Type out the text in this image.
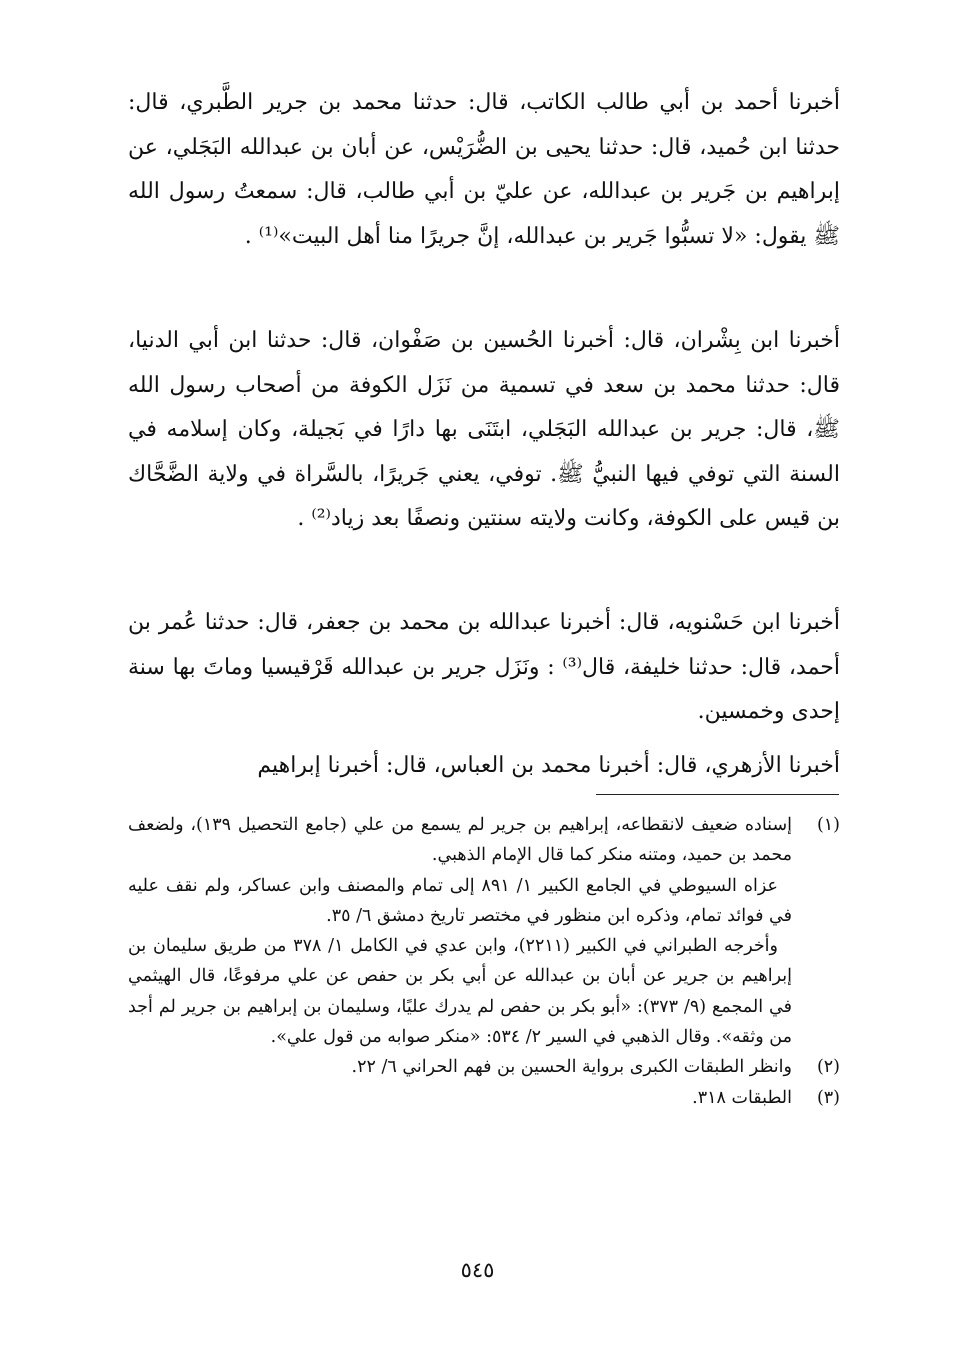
أخبرنا أحمد بن أبي طالب الكاتب، قال: حدثنا محمد بن جرير الطَّبري، قال: حدثنا ابن حُميد، قال: حدثنا يحيى بن الضُّرَيْس، عن أبان بن عبدالله البَجَلي، عن إبراهيم بن جَرير بن عبدالله، عن عليّ بن أبي طالب، قال: سمعتُ رسول الله ﷺ يقول: «لا تسبُّوا جَرير بن عبدالله، إنَّ جريرًا منا أهل البيت»⁽¹⁾ .

أخبرنا ابن بِشْران، قال: أخبرنا الحُسين بن صَفْوان، قال: حدثنا ابن أبي الدنيا، قال: حدثنا محمد بن سعد في تسمية من نَزَل الكوفة من أصحاب رسول الله ﷺ، قال: جرير بن عبدالله البَجَلي، ابتَنَى بها دارًا في بَجيلة، وكان إسلامه في السنة التي توفي فيها النبيُّ ﷺ. توفي، يعني جَريرًا، بالسَّراة في ولاية الضَّحَّاك بن قيس على الكوفة، وكانت ولايته سنتين ونصفًا بعد زياد⁽²⁾ .

أخبرنا ابن حَسْنويه، قال: أخبرنا عبدالله بن محمد بن جعفر، قال: حدثنا عُمر بن أحمد، قال: حدثنا خليفة، قال⁽³⁾ : ونَزَل جرير بن عبدالله قَرْقيسيا وماتَ بها سنة إحدى وخمسين.

أخبرنا الأزهري، قال: أخبرنا محمد بن العباس، قال: أخبرنا إبراهيم

(١)

إسناده ضعيف لانقطاعه، إبراهيم بن جرير لم يسمع من علي (جامع التحصيل ١٣٩)، ولضعف محمد بن حميد، ومتنه منكر كما قال الإمام الذهبي.

عزاه السيوطي في الجامع الكبير ١/ ٨٩١ إلى تمام والمصنف وابن عساكر، ولم نقف عليه في فوائد تمام، وذكره ابن منظور في مختصر تاريخ دمشق ٦/ ٣٥.

وأخرجه الطبراني في الكبير (٢٢١١)، وابن عدي في الكامل ١/ ٣٧٨ من طريق سليمان بن إبراهيم بن جرير عن أبان بن عبدالله عن أبي بكر بن حفص عن علي مرفوعًا، قال الهيثمي في المجمع (٩/ ٣٧٣): «أبو بكر بن حفص لم يدرك عليًا، وسليمان بن إبراهيم بن جرير لم أجد من وثقه». وقال الذهبي في السير ٢/ ٥٣٤: «منكر صوابه من قول علي».

(٢)

وانظر الطبقات الكبرى برواية الحسين بن فهم الحراني ٦/ ٢٢.

(٣)

الطبقات ٣١٨.

٥٤٥
